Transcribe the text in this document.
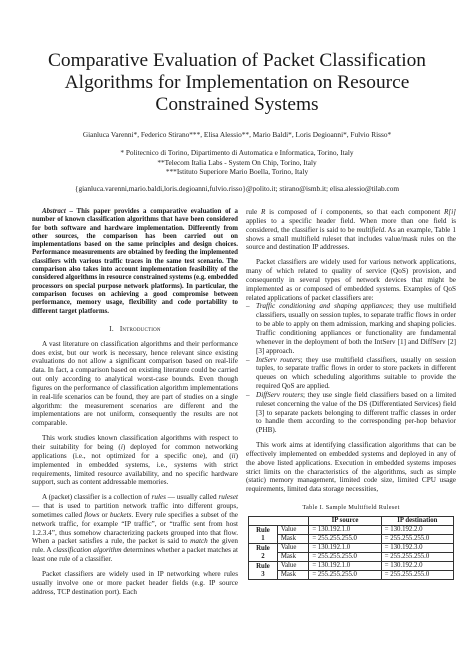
Comparative Evaluation of Packet Classification Algorithms for Implementation on Resource Constrained Systems

Gianluca Varenni*, Federico Stirano***, Elisa Alessio**, Mario Baldi*, Loris Degioanni*, Fulvio Risso*

* Politecnico di Torino, Dipartimento di Automatica e Informatica, Torino, Italy
**Telecom Italia Labs - System On Chip, Torino, Italy
***Istituto Superiore Mario Boella, Torino, Italy

{gianluca.varenni,mario.baldi,loris.degioanni,fulvio.risso}@polito.it; stirano@ismb.it; elisa.alessio@tilab.com

Abstract – This paper provides a comparative evaluation of a number of known classification algorithms that have been considered for both software and hardware implementation. Differently from other sources, the comparison has been carried out on implementations based on the same principles and design choices. Performance measurements are obtained by feeding the implemented classifiers with various traffic traces in the same test scenario. The comparison also takes into account implementation feasibility of the considered algorithms in resource constrained systems (e.g. embedded processors on special purpose network platforms). In particular, the comparison focuses on achieving a good compromise between performance, memory usage, flexibility and code portability to different target platforms.

I. Introduction

A vast literature on classification algorithms and their performance does exist, but our work is necessary, hence relevant since existing evaluations do not allow a significant comparison based on real-life data. In fact, a comparison based on existing literature could be carried out only according to analytical worst-case bounds. Even though figures on the performance of classification algorithm implementations in real-life scenarios can be found, they are part of studies on a single algorithm: the measurement scenarios are different and the implementations are not uniform, consequently the results are not comparable.

This work studies known classification algorithms with respect to their suitability for being (i) deployed for common networking applications (i.e., not optimized for a specific one), and (ii) implemented in embedded systems, i.e., systems with strict requirements, limited resource availability, and no specific hardware support, such as content addressable memories.

A (packet) classifier is a collection of rules — usually called ruleset — that is used to partition network traffic into different groups, sometimes called flows or buckets. Every rule specifies a subset of the network traffic, for example “IP traffic”, or “traffic sent from host 1.2.3.4”, thus somehow characterizing packets grouped into that flow. When a packet satisfies a rule, the packet is said to match the given rule. A classification algorithm determines whether a packet matches at least one rule of a classifier.

Packet classifiers are widely used in IP networking where rules usually involve one or more packet header fields (e.g. IP source address, TCP destination port). Each

rule R is composed of i components, so that each component R[i] applies to a specific header field. When more than one field is considered, the classifier is said to be multifield. As an example, Table 1 shows a small multifield ruleset that includes value/mask rules on the source and destination IP addresses.

Packet classifiers are widely used for various network applications, many of which related to quality of service (QoS) provision, and consequently in several types of network devices that might be implemented as or composed of embedded systems. Examples of QoS related applications of packet classifiers are:

– Traffic conditioning and shaping appliances; they use multifield classifiers, usually on session tuples, to separate traffic flows in order to be able to apply on them admission, marking and shaping policies. Traffic conditioning appliances or functionality are fundamental whenever in the deployment of both the IntServ [1] and DiffServ [2][3] approach.
– IntServ routers; they use multifield classifiers, usually on session tuples, to separate traffic flows in order to store packets in different queues on which scheduling algorithms suitable to provide the required QoS are applied.
– DiffServ routers; they use single field classifiers based on a limited ruleset concerning the value of the DS (Differentiated Services) field [3] to separate packets belonging to different traffic classes in order to handle them according to the corresponding per-hop behavior (PHB).

This work aims at identifying classification algorithms that can be effectively implemented on embedded systems and deployed in any of the above listed applications. Execution in embedded systems imposes strict limits on the characteristics of the algorithms, such as simple (static) memory management, limited code size, limited CPU usage requirements, limited data storage necessities,

Table I. Sample Multifield Ruleset
		IP source	IP destination
Rule
1	Value	= 130.192.1.0	= 130.192.2.0
	Mask	= 255.255.255.0	= 255.255.255.0
Rule
2	Value	= 130.192.1.0	= 130.192.3.0
	Mask	= 255.255.255.0	= 255.255.255.0
Rule
3	Value	= 130.192.1.0	= 130.192.2.0
	Mask	= 255.255.255.0	= 255.255.255.0
